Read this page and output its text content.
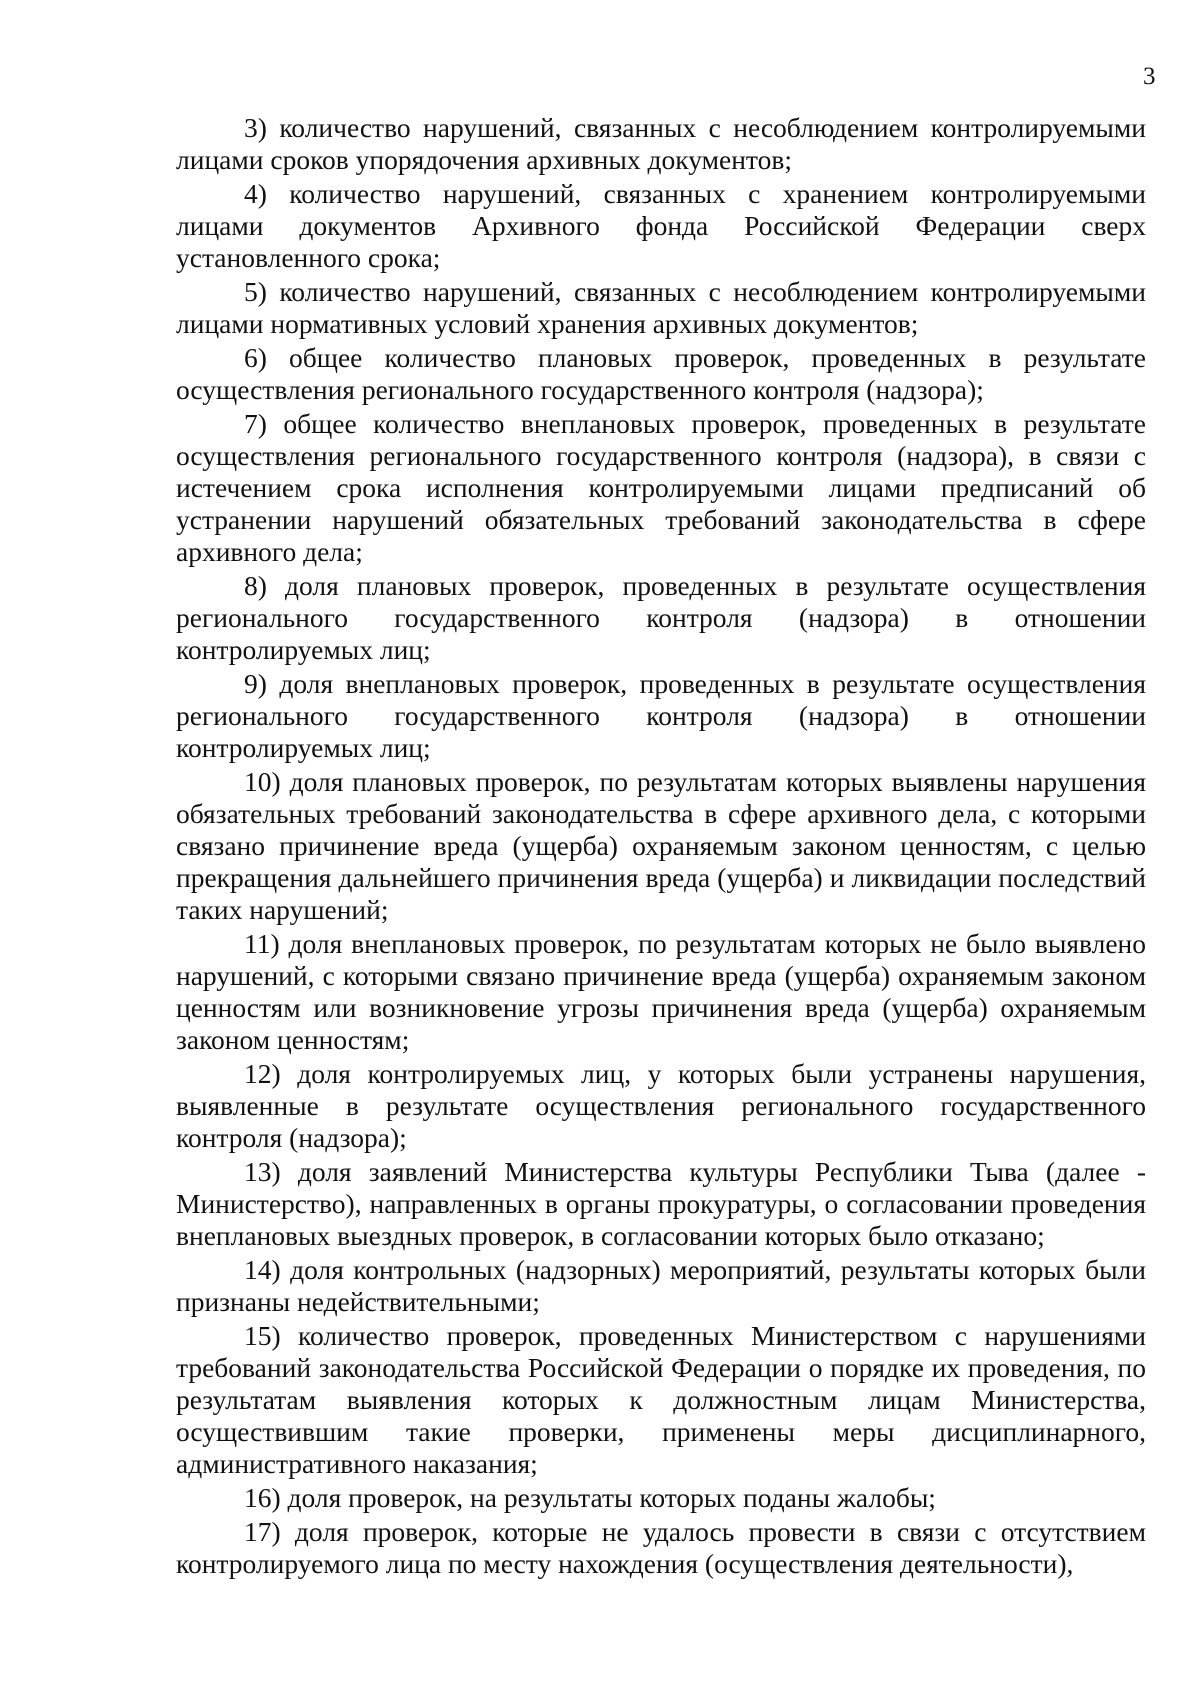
3

3) количество нарушений, связанных с несоблюдением контролируемыми лицами сроков упорядочения архивных документов;

4) количество нарушений, связанных с хранением контролируемыми лицами документов Архивного фонда Российской Федерации сверх установленного срока;

5) количество нарушений, связанных с несоблюдением контролируемыми лицами нормативных условий хранения архивных документов;

6) общее количество плановых проверок, проведенных в результате осуществления регионального государственного контроля (надзора);

7) общее количество внеплановых проверок, проведенных в результате осуществления регионального государственного контроля (надзора), в связи с истечением срока исполнения контролируемыми лицами предписаний об устранении нарушений обязательных требований законодательства в сфере архивного дела;

8) доля плановых проверок, проведенных в результате осуществления регионального государственного контроля (надзора) в отношении контролируемых лиц;

9) доля внеплановых проверок, проведенных в результате осуществления регионального государственного контроля (надзора) в отношении контролируемых лиц;

10) доля плановых проверок, по результатам которых выявлены нарушения обязательных требований законодательства в сфере архивного дела, с которыми связано причинение вреда (ущерба) охраняемым законом ценностям, с целью прекращения дальнейшего причинения вреда (ущерба) и ликвидации последствий таких нарушений;

11) доля внеплановых проверок, по результатам которых не было выявлено нарушений, с которыми связано причинение вреда (ущерба) охраняемым законом ценностям или возникновение угрозы причинения вреда (ущерба) охраняемым законом ценностям;

12) доля контролируемых лиц, у которых были устранены нарушения, выявленные в результате осуществления регионального государственного контроля (надзора);

13) доля заявлений Министерства культуры Республики Тыва (далее - Министерство), направленных в органы прокуратуры, о согласовании проведения внеплановых выездных проверок, в согласовании которых было отказано;

14) доля контрольных (надзорных) мероприятий, результаты которых были признаны недействительными;

15) количество проверок, проведенных Министерством с нарушениями требований законодательства Российской Федерации о порядке их проведения, по результатам выявления которых к должностным лицам Министерства, осуществившим такие проверки, применены меры дисциплинарного, административного наказания;

16) доля проверок, на результаты которых поданы жалобы;

17) доля проверок, которые не удалось провести в связи с отсутствием контролируемого лица по месту нахождения (осуществления деятельности),
